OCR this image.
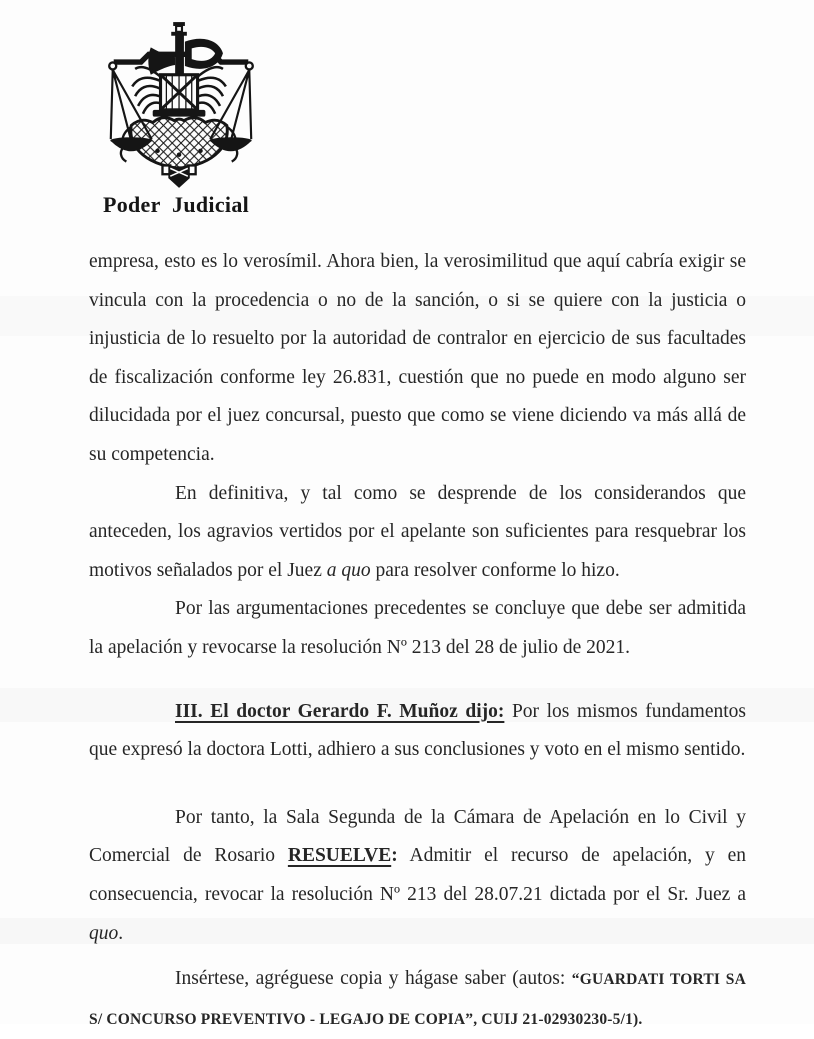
Poder Judicial

empresa, esto es lo verosímil. Ahora bien, la verosimilitud que aquí cabría exigir se vincula con la procedencia o no de la sanción, o si se quiere con la justicia o injusticia de lo resuelto por la autoridad de contralor en ejercicio de sus facultades de fiscalización conforme ley 26.831, cuestión que no puede en modo alguno ser dilucidada por el juez concursal, puesto que como se viene diciendo va más allá de su competencia.

En definitiva, y tal como se desprende de los considerandos que anteceden, los agravios vertidos por el apelante son suficientes para resquebrar los motivos señalados por el Juez a quo para resolver conforme lo hizo.

Por las argumentaciones precedentes se concluye que debe ser admitida la apelación y revocarse la resolución Nº 213 del 28 de julio de 2021.

III. El doctor Gerardo F. Muñoz dijo: Por los mismos fundamentos que expresó la doctora Lotti, adhiero a sus conclusiones y voto en el mismo sentido.

Por tanto, la Sala Segunda de la Cámara de Apelación en lo Civil y Comercial de Rosario RESUELVE: Admitir el recurso de apelación, y en consecuencia, revocar la resolución Nº 213 del 28.07.21 dictada por el Sr. Juez a quo.

Insértese, agréguese copia y hágase saber (autos: “GUARDATI TORTI SA S/ CONCURSO PREVENTIVO - LEGAJO DE COPIA”, CUIJ 21-02930230-5/1).
